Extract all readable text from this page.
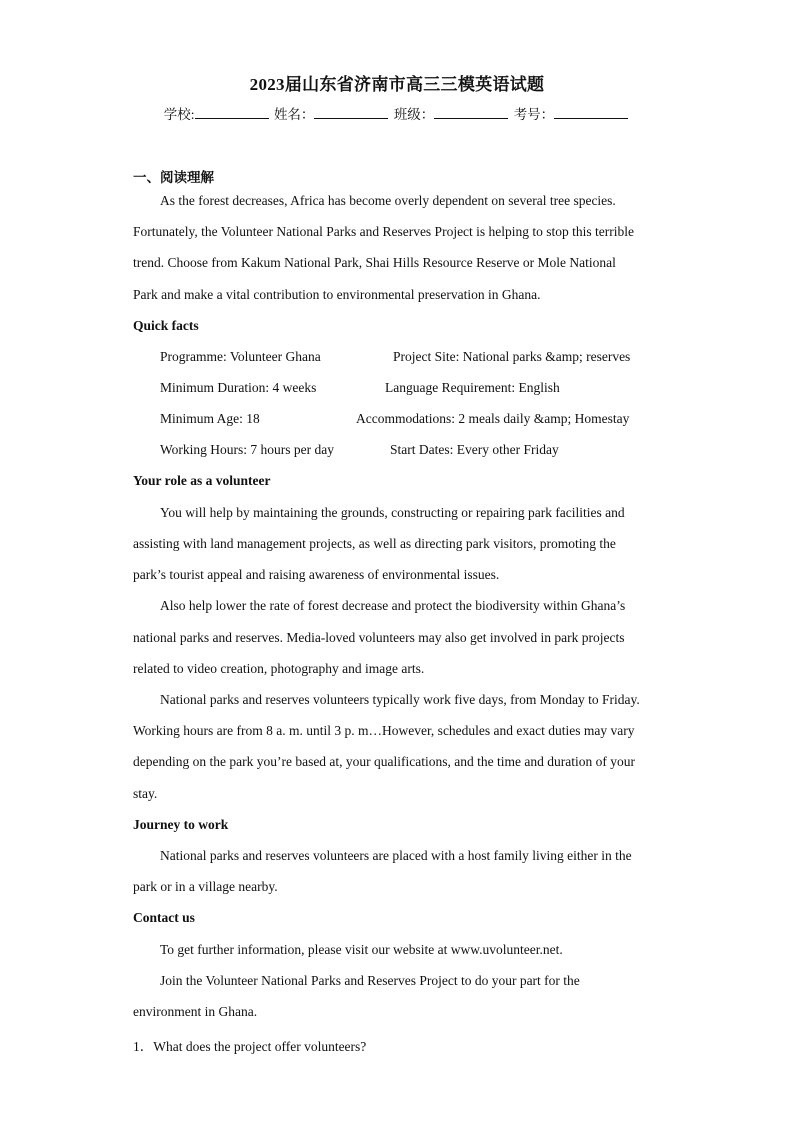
2023届山东省济南市高三三模英语试题
学校:	姓名：	班级：	考号：
一、阅读理解
As the forest decreases, Africa has become overly dependent on several tree species.
Fortunately, the Volunteer National Parks and Reserves Project is helping to stop this terrible
trend. Choose from Kakum National Park, Shai Hills Resource Reserve or Mole National
Park and make a vital contribution to environmental preservation in Ghana.
Quick facts
Programme: Volunteer Ghana	Project Site: National parks &amp; reserves
Minimum Duration: 4 weeks	Language Requirement: English
Minimum Age: 18	Accommodations: 2 meals daily &amp; Homestay
Working Hours: 7 hours per day	Start Dates: Every other Friday
Your role as a volunteer
You will help by maintaining the grounds, constructing or repairing park facilities and
assisting with land management projects, as well as directing park visitors, promoting the
park’s tourist appeal and raising awareness of environmental issues.
Also help lower the rate of forest decrease and protect the biodiversity within Ghana’s
national parks and reserves. Media-loved volunteers may also get involved in park projects
related to video creation, photography and image arts.
National parks and reserves volunteers typically work five days, from Monday to Friday.
Working hours are from 8 a. m. until 3 p. m…However, schedules and exact duties may vary
depending on the park you’re based at, your qualifications, and the time and duration of your
stay.
Journey to work
National parks and reserves volunteers are placed with a host family living either in the
park or in a village nearby.
Contact us
To get further information, please visit our website at www.uvolunteer.net.
Join the Volunteer National Parks and Reserves Project to do your part for the
environment in Ghana.
1．What does the project offer volunteers?
